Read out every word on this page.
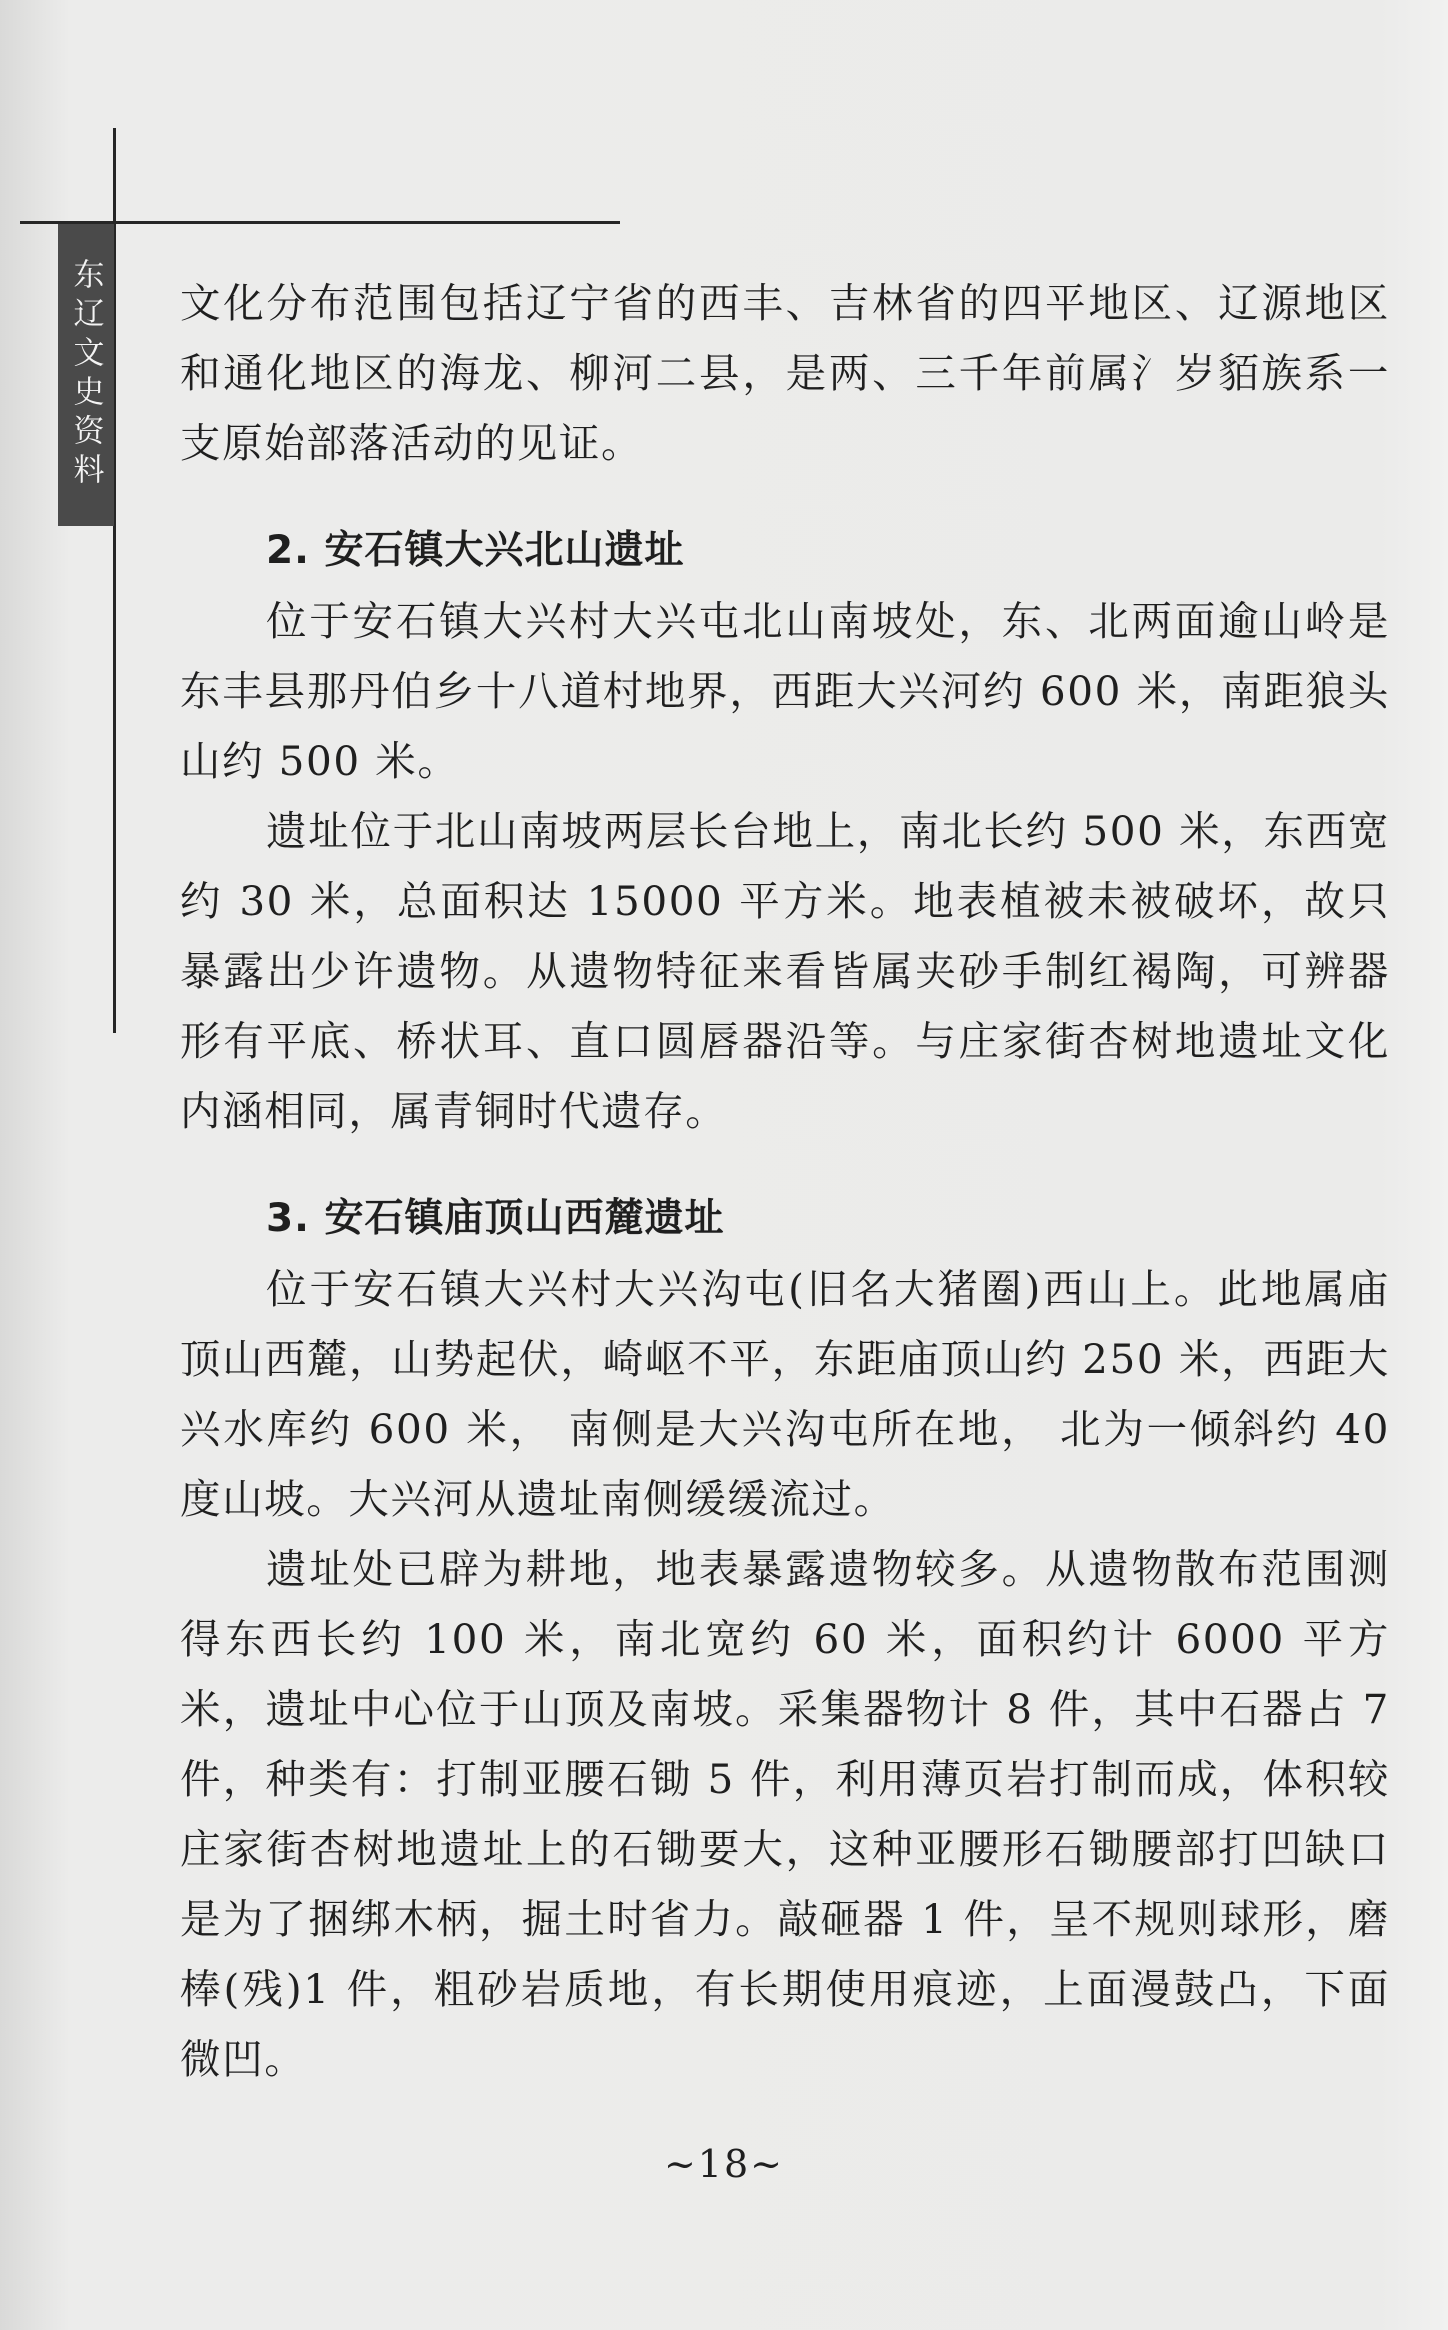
东辽文史资料 文化分布范围包括辽宁省的西丰、吉林省的四平地区、辽源地区和通化地区的海龙、柳河二县，是两、三千年前属氵岁貊族系一支原始部落活动的见证。

2. 安石镇大兴北山遗址

位于安石镇大兴村大兴屯北山南坡处，东、北两面逾山岭是东丰县那丹伯乡十八道村地界，西距大兴河约 600 米，南距狼头山约 500 米。

遗址位于北山南坡两层长台地上，南北长约 500 米，东西宽约 30 米，总面积达 15000 平方米。地表植被未被破坏，故只暴露出少许遗物。从遗物特征来看皆属夹砂手制红褐陶，可辨器形有平底、桥状耳、直口圆唇器沿等。与庄家街杏树地遗址文化内涵相同，属青铜时代遗存。

3. 安石镇庙顶山西麓遗址

位于安石镇大兴村大兴沟屯(旧名大猪圈)西山上。此地属庙顶山西麓，山势起伏，崎岖不平，东距庙顶山约 250 米，西距大兴水库约 600 米， 南侧是大兴沟屯所在地， 北为一倾斜约 40 度山坡。大兴河从遗址南侧缓缓流过。

遗址处已辟为耕地，地表暴露遗物较多。从遗物散布范围测得东西长约 100 米，南北宽约 60 米，面积约计 6000 平方米，遗址中心位于山顶及南坡。采集器物计 8 件，其中石器占 7 件，种类有：打制亚腰石锄 5 件，利用薄页岩打制而成，体积较庄家街杏树地遗址上的石锄要大，这种亚腰形石锄腰部打凹缺口是为了捆绑木柄，掘土时省力。敲砸器 1 件，呈不规则球形，磨棒(残)1 件，粗砂岩质地，有长期使用痕迹，上面漫鼓凸，下面微凹。

~18~
